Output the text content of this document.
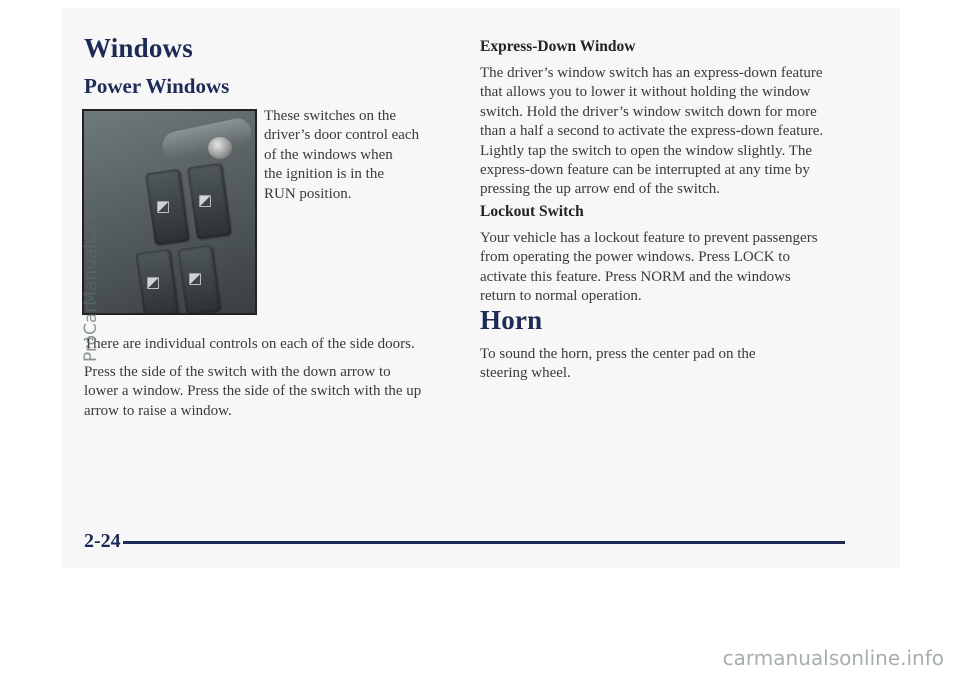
Windows
Power Windows
◩ ◩
◩ ◩
These switches on the
driver’s door control each
of the windows when
the ignition is in the
RUN position.
There are individual controls on each of the side doors.
Press the side of the switch with the down arrow to
lower a window. Press the side of the switch with the up
arrow to raise a window.
Express-Down Window
The driver’s window switch has an express-down feature
that allows you to lower it without holding the window
switch. Hold the driver’s window switch down for more
than a half a second to activate the express-down feature.
Lightly tap the switch to open the window slightly. The
express-down feature can be interrupted at any time by
pressing the up arrow end of the switch.
Lockout Switch
Your vehicle has a lockout feature to prevent passengers
from operating the power windows. Press LOCK to
activate this feature. Press NORM and the windows
return to normal operation.
Horn
To sound the horn, press the center pad on the
steering wheel.
2-24
ProCarManuals.com
carmanualsonline.info
